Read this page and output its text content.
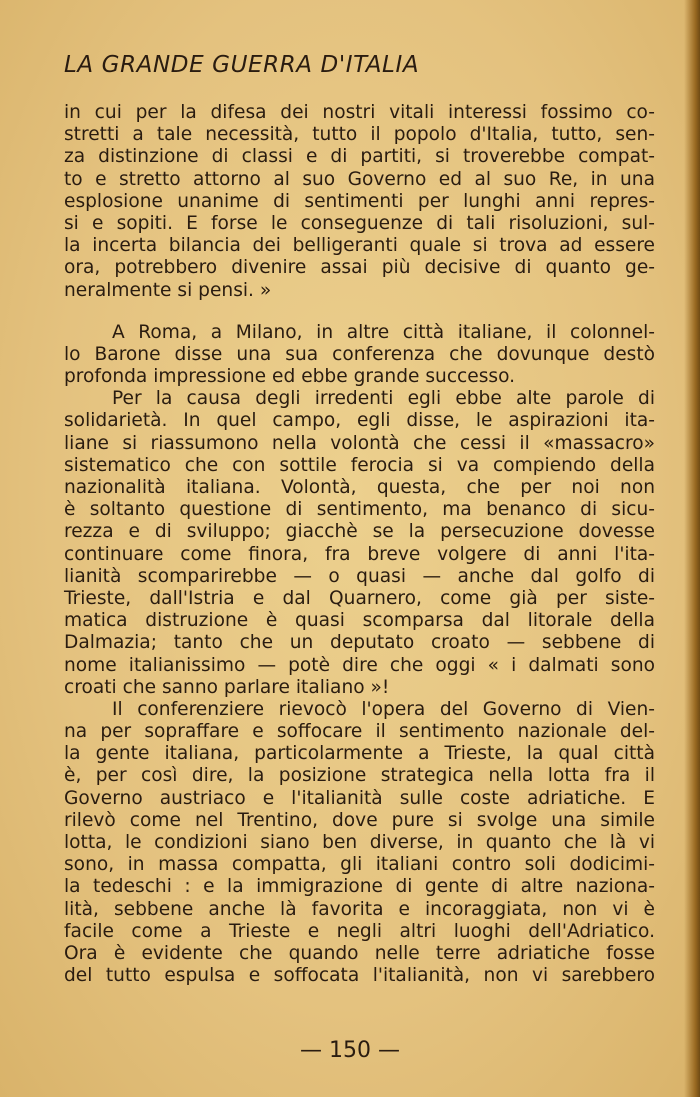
LA GRANDE GUERRA D'ITALIA
in cui per la difesa dei nostri vitali interessi fossimo co-
stretti a tale necessità, tutto il popolo d'Italia, tutto, sen-
za distinzione di classi e di partiti, si troverebbe compat-
to e stretto attorno al suo Governo ed al suo Re, in una
esplosione unanime di sentimenti per lunghi anni repres-
si e sopiti. E forse le conseguenze di tali risoluzioni, sul-
la incerta bilancia dei belligeranti quale si trova ad essere
ora, potrebbero divenire assai più decisive di quanto ge-
neralmente si pensi. »
A Roma, a Milano, in altre città italiane, il colonnel-
lo Barone disse una sua conferenza che dovunque destò
profonda impressione ed ebbe grande successo.
Per la causa degli irredenti egli ebbe alte parole di
solidarietà. In quel campo, egli disse, le aspirazioni ita-
liane si riassumono nella volontà che cessi il «massacro»
sistematico che con sottile ferocia si va compiendo della
nazionalità italiana. Volontà, questa, che per noi non
è soltanto questione di sentimento, ma benanco di sicu-
rezza e di sviluppo; giacchè se la persecuzione dovesse
continuare come finora, fra breve volgere di anni l'ita-
lianità scomparirebbe — o quasi — anche dal golfo di
Trieste, dall'Istria e dal Quarnero, come già per siste-
matica distruzione è quasi scomparsa dal litorale della
Dalmazia; tanto che un deputato croato — sebbene di
nome italianissimo — potè dire che oggi « i dalmati sono
croati che sanno parlare italiano »!
Il conferenziere rievocò l'opera del Governo di Vien-
na per sopraffare e soffocare il sentimento nazionale del-
la gente italiana, particolarmente a Trieste, la qual città
è, per così dire, la posizione strategica nella lotta fra il
Governo austriaco e l'italianità sulle coste adriatiche. E
rilevò come nel Trentino, dove pure si svolge una simile
lotta, le condizioni siano ben diverse, in quanto che là vi
sono, in massa compatta, gli italiani contro soli dodicimi-
la tedeschi : e la immigrazione di gente di altre naziona-
lità, sebbene anche là favorita e incoraggiata, non vi è
facile come a Trieste e negli altri luoghi dell'Adriatico.
Ora è evidente che quando nelle terre adriatiche fosse
del tutto espulsa e soffocata l'italianità, non vi sarebbero
— 150 —
